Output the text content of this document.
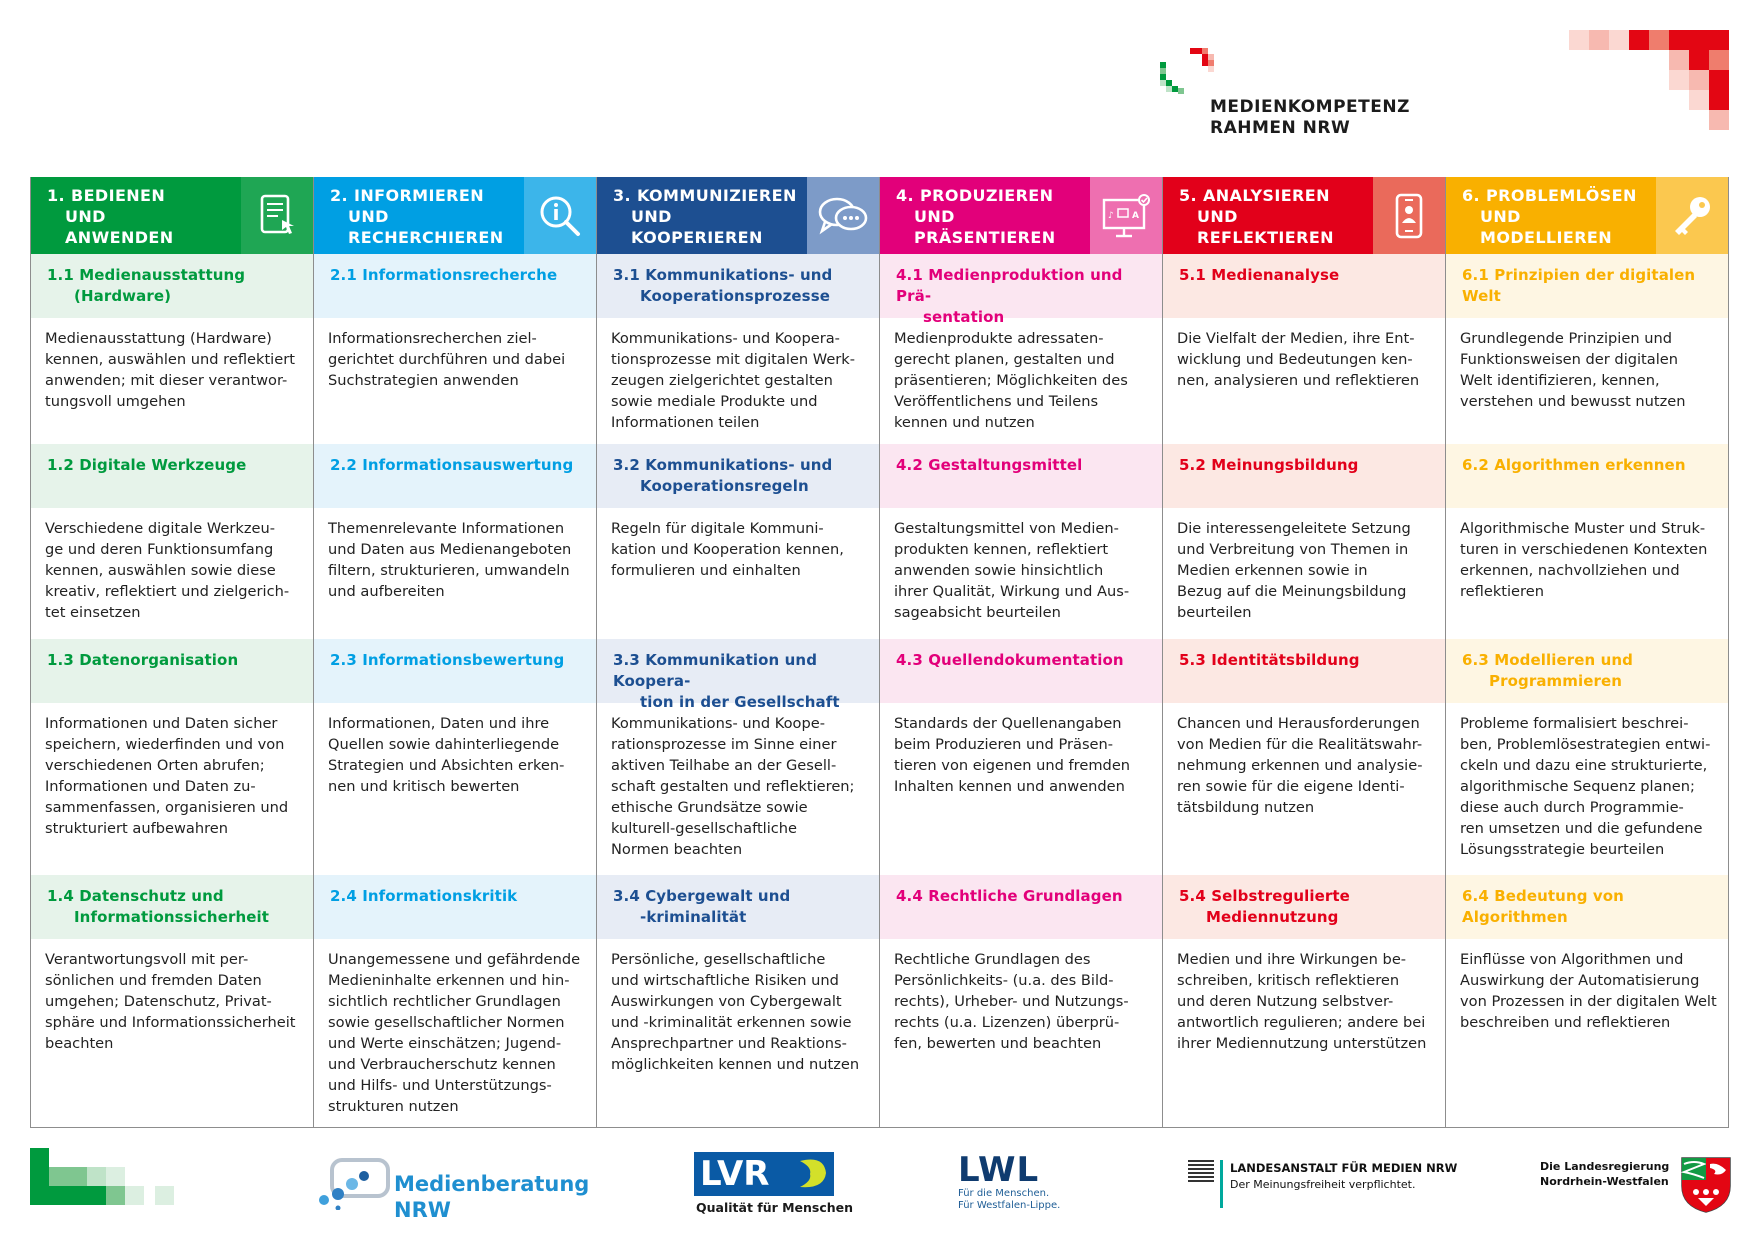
MEDIENKOMPETENZ
RAHMEN NRW
1. BEDIENEN
UND
ANWENDEN
1.1 Medienausstattung
(Hardware)
Medienausstattung (Hardware)
kennen, auswählen und reflektiert
anwenden; mit dieser verantwor-
tungsvoll umgehen
1.2 Digitale Werkzeuge
Verschiedene digitale Werkzeu-
ge und deren Funktionsumfang
kennen, auswählen sowie diese
kreativ, reflektiert und zielgerich-
tet einsetzen
1.3 Datenorganisation
Informationen und Daten sicher
speichern, wiederfinden und von
verschiedenen Orten abrufen;
Informationen und Daten zu-
sammenfassen, organisieren und
strukturiert aufbewahren
1.4 Datenschutz und
Informationssicherheit
Verantwortungsvoll mit per-
sönlichen und fremden Daten
umgehen; Datenschutz, Privat-
sphäre und Informationssicherheit
beachten
2. INFORMIEREN
UND
RECHERCHIEREN
2.1 Informationsrecherche
Informationsrecherchen ziel-
gerichtet durchführen und dabei
Suchstrategien anwenden
2.2 Informationsauswertung
Themenrelevante Informationen
und Daten aus Medienangeboten
filtern, strukturieren, umwandeln
und aufbereiten
2.3 Informationsbewertung
Informationen, Daten und ihre
Quellen sowie dahinterliegende
Strategien und Absichten erken-
nen und kritisch bewerten
2.4 Informationskritik
Unangemessene und gefährdende
Medieninhalte erkennen und hin-
sichtlich rechtlicher Grundlagen
sowie gesellschaftlicher Normen
und Werte einschätzen; Jugend-
und Verbraucherschutz kennen
und Hilfs- und Unterstützungs-
strukturen nutzen
3. KOMMUNIZIEREN
UND
KOOPERIEREN
3.1 Kommunikations- und
Kooperationsprozesse
Kommunikations- und Koopera-
tionsprozesse mit digitalen Werk-
zeugen zielgerichtet gestalten
sowie mediale Produkte und
Informationen teilen
3.2 Kommunikations- und
Kooperationsregeln
Regeln für digitale Kommuni-
kation und Kooperation kennen,
formulieren und einhalten
3.3 Kommunikation und Koopera-
tion in der Gesellschaft
Kommunikations- und Koope-
rationsprozesse im Sinne einer
aktiven Teilhabe an der Gesell-
schaft gestalten und reflektieren;
ethische Grundsätze sowie
kulturell-gesellschaftliche
Normen beachten
3.4 Cybergewalt und
-kriminalität
Persönliche, gesellschaftliche
und wirtschaftliche Risiken und
Auswirkungen von Cybergewalt
und -kriminalität erkennen sowie
Ansprechpartner und Reaktions-
möglichkeiten kennen und nutzen
4. PRODUZIEREN
UND
PRÄSENTIEREN
♪ A
4.1 Medienproduktion und Prä-
sentation
Medienprodukte adressaten-
gerecht planen, gestalten und
präsentieren; Möglichkeiten des
Veröffentlichens und Teilens
kennen und nutzen
4.2 Gestaltungsmittel
Gestaltungsmittel von Medien-
produkten kennen, reflektiert
anwenden sowie hinsichtlich
ihrer Qualität, Wirkung und Aus-
sageabsicht beurteilen
4.3 Quellendokumentation
Standards der Quellenangaben
beim Produzieren und Präsen-
tieren von eigenen und fremden
Inhalten kennen und anwenden
4.4 Rechtliche Grundlagen
Rechtliche Grundlagen des
Persönlichkeits- (u.a. des Bild-
rechts), Urheber- und Nutzungs-
rechts (u.a. Lizenzen) überprü-
fen, bewerten und beachten
5. ANALYSIEREN
UND
REFLEKTIEREN
5.1 Medienanalyse
Die Vielfalt der Medien, ihre Ent-
wicklung und Bedeutungen ken-
nen, analysieren und reflektieren
5.2 Meinungsbildung
Die interessengeleitete Setzung
und Verbreitung von Themen in
Medien erkennen sowie in
Bezug auf die Meinungsbildung
beurteilen
5.3 Identitätsbildung
Chancen und Herausforderungen
von Medien für die Realitätswahr-
nehmung erkennen und analysie-
ren sowie für die eigene Identi-
tätsbildung nutzen
5.4 Selbstregulierte
Mediennutzung
Medien und ihre Wirkungen be-
schreiben, kritisch reflektieren
und deren Nutzung selbstver-
antwortlich regulieren; andere bei
ihrer Mediennutzung unterstützen
6. PROBLEMLÖSEN
UND
MODELLIEREN
6.1 Prinzipien der digitalen Welt
Grundlegende Prinzipien und
Funktionsweisen der digitalen
Welt identifizieren, kennen,
verstehen und bewusst nutzen
6.2 Algorithmen erkennen
Algorithmische Muster und Struk-
turen in verschiedenen Kontexten
erkennen, nachvollziehen und
reflektieren
6.3 Modellieren und
Programmieren
Probleme formalisiert beschrei-
ben, Problemlösestrategien entwi-
ckeln und dazu eine strukturierte,
algorithmische Sequenz planen;
diese auch durch Programmie-
ren umsetzen und die gefundene
Lösungsstrategie beurteilen
6.4 Bedeutung von Algorithmen
Einflüsse von Algorithmen und
Auswirkung der Automatisierung
von Prozessen in der digitalen Welt
beschreiben und reflektieren
Medienberatung
NRW
LVR
Qualität für Menschen
LWL
Für die Menschen.
Für Westfalen-Lippe.
LANDESANSTALT FÜR MEDIEN NRW
Der Meinungsfreiheit verpflichtet.
Die Landesregierung
Nordrhein-Westfalen
